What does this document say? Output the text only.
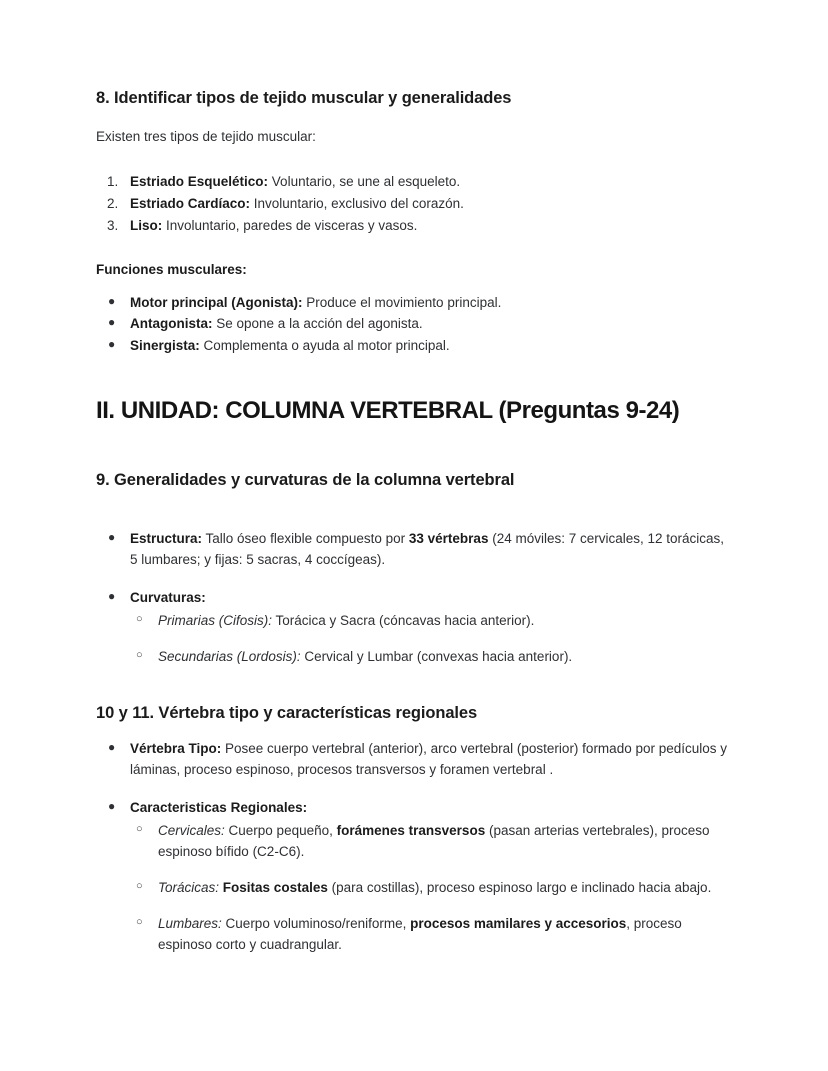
8. Identificar tipos de tejido muscular y generalidades

Existen tres tipos de tejido muscular:

1. Estriado Esquelético: Voluntario, se une al esqueleto.
2. Estriado Cardíaco: Involuntario, exclusivo del corazón.
3. Liso: Involuntario, paredes de visceras y vasos.

Funciones musculares:

● Motor principal (Agonista): Produce el movimiento principal.
● Antagonista: Se opone a la acción del agonista.
● Sinergista: Complementa o ayuda al motor principal.
II. UNIDAD: COLUMNA VERTEBRAL (Preguntas 9-24)
9. Generalidades y curvaturas de la columna vertebral
● Estructura: Tallo óseo flexible compuesto por 33 vértebras (24 móviles: 7 cervicales, 12 torácicas, 5 lumbares; y fijas: 5 sacras, 4 coccígeas).
● Curvaturas:
○ Primarias (Cifosis): Torácica y Sacra (cóncavas hacia anterior).
○ Secundarias (Lordosis): Cervical y Lumbar (convexas hacia anterior).
10 y 11. Vértebra tipo y características regionales
● Vértebra Tipo: Posee cuerpo vertebral (anterior), arco vertebral (posterior) formado por pedículos y láminas, proceso espinoso, procesos transversos y foramen vertebral .
● Caracteristicas Regionales:
○ Cervicales: Cuerpo pequeño, forámenes transversos (pasan arterias vertebrales), proceso espinoso bífido (C2-C6).
○ Torácicas: Fositas costales (para costillas), proceso espinoso largo e inclinado hacia abajo.
○ Lumbares: Cuerpo voluminoso/reniforme, procesos mamilares y accesorios, proceso espinoso corto y cuadrangular.
